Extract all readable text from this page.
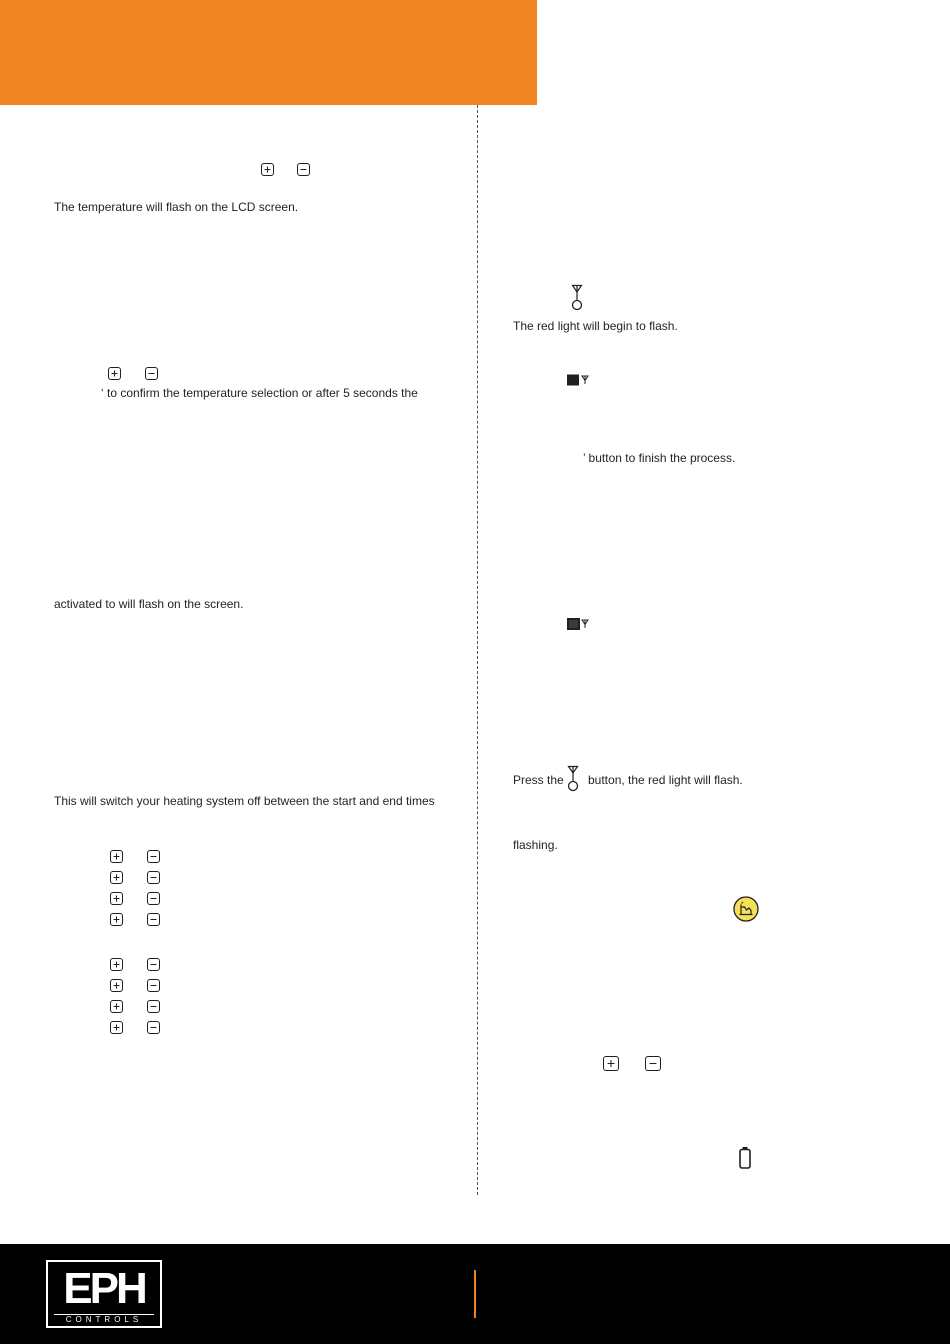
The temperature will flash on the LCD screen.
‘ to confirm the temperature selection or after 5 seconds the
activated to will flash on the screen.
This will switch your heating system off between the start and end times
The red light will begin to flash.
’ button to finish the process.
Press the button, the red light will flash.
flashing.
EPH
CONTROLS
